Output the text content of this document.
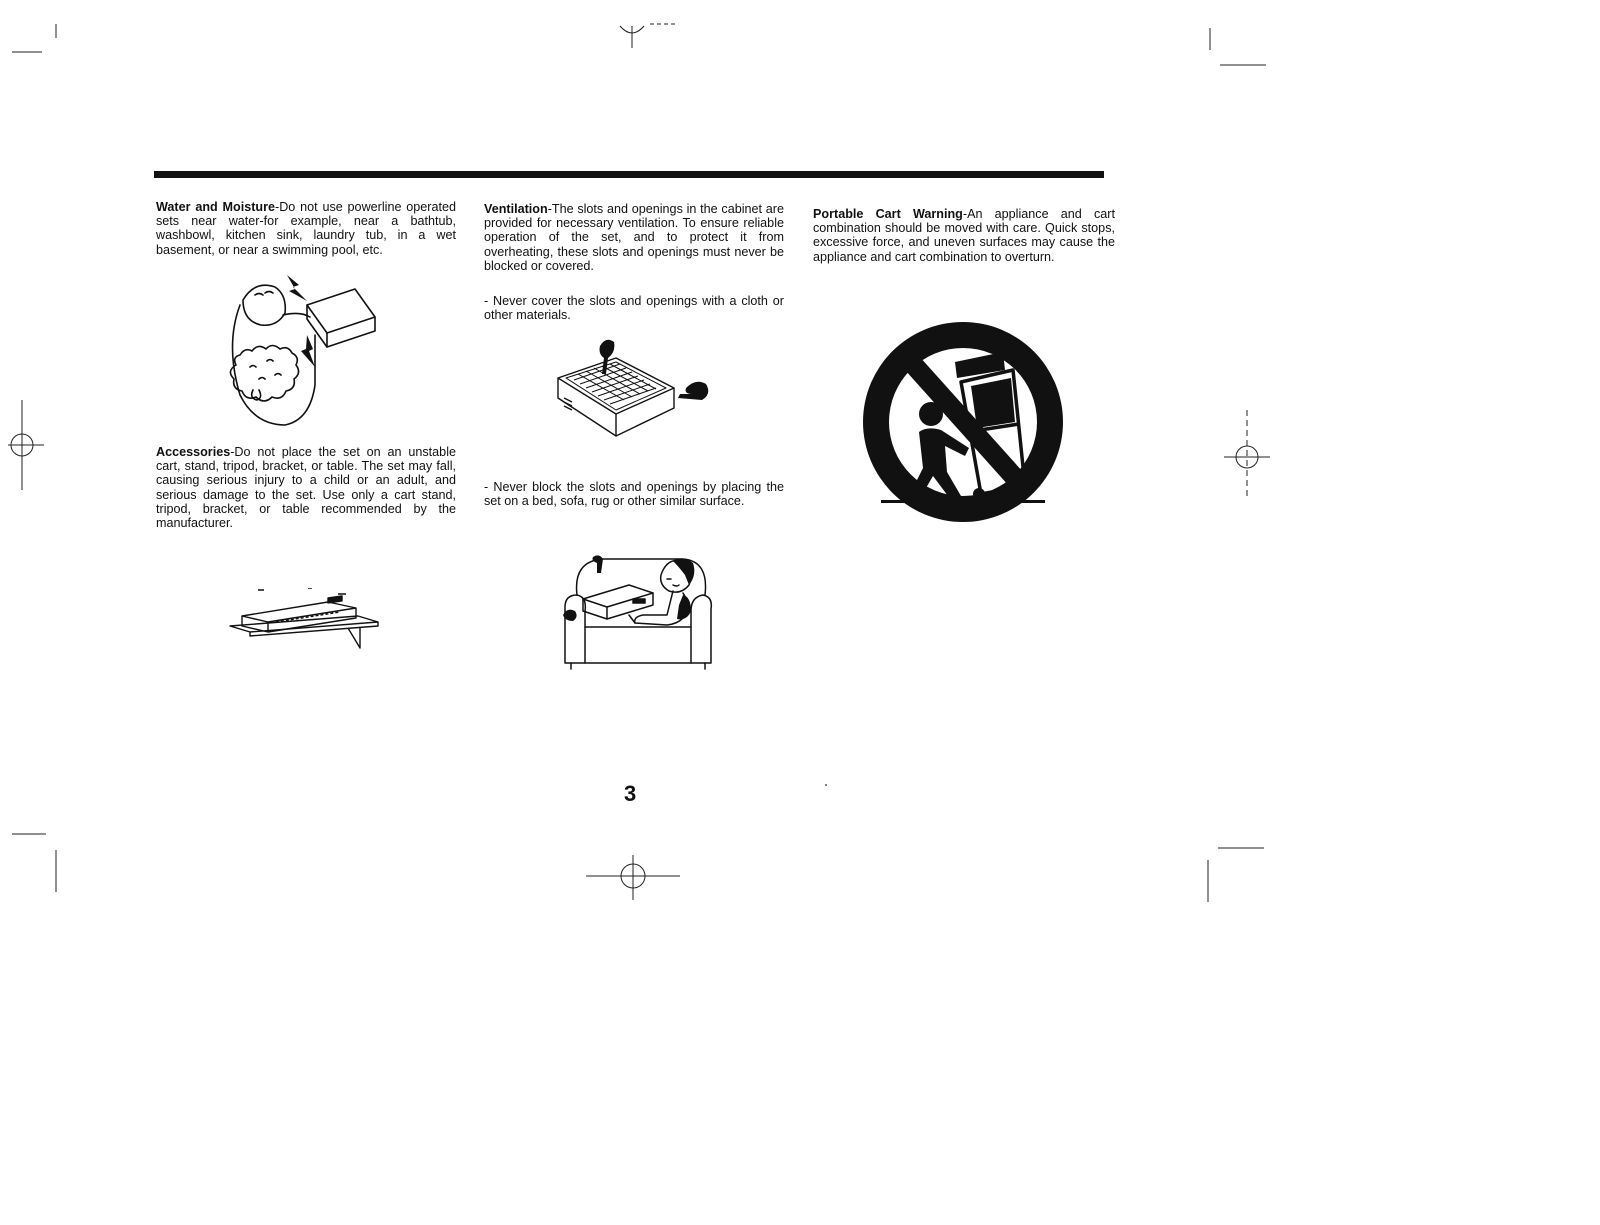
Water and Moisture-Do not use powerline operated sets near water-for example, near a bathtub, washbowl, kitchen sink, laundry tub, in a wet basement, or near a swimming pool, etc.

Accessories-Do not place the set on an unstable cart, stand, tripod, bracket, or table. The set may fall, causing serious injury to a child or an adult, and serious damage to the set. Use only a cart stand, tripod, bracket, or table recommended by the manufacturer.

Ventilation-The slots and openings in the cabinet are provided for necessary ventilation. To ensure reliable operation of the set, and to protect it from overheating, these slots and openings must never be blocked or covered.

- Never cover the slots and openings with a cloth or other materials.

- Never block the slots and openings by placing the set on a bed, sofa, rug or other similar surface.

Portable Cart Warning-An appliance and cart combination should be moved with care. Quick stops, excessive force, and uneven surfaces may cause the appliance and cart combination to overturn.

3
